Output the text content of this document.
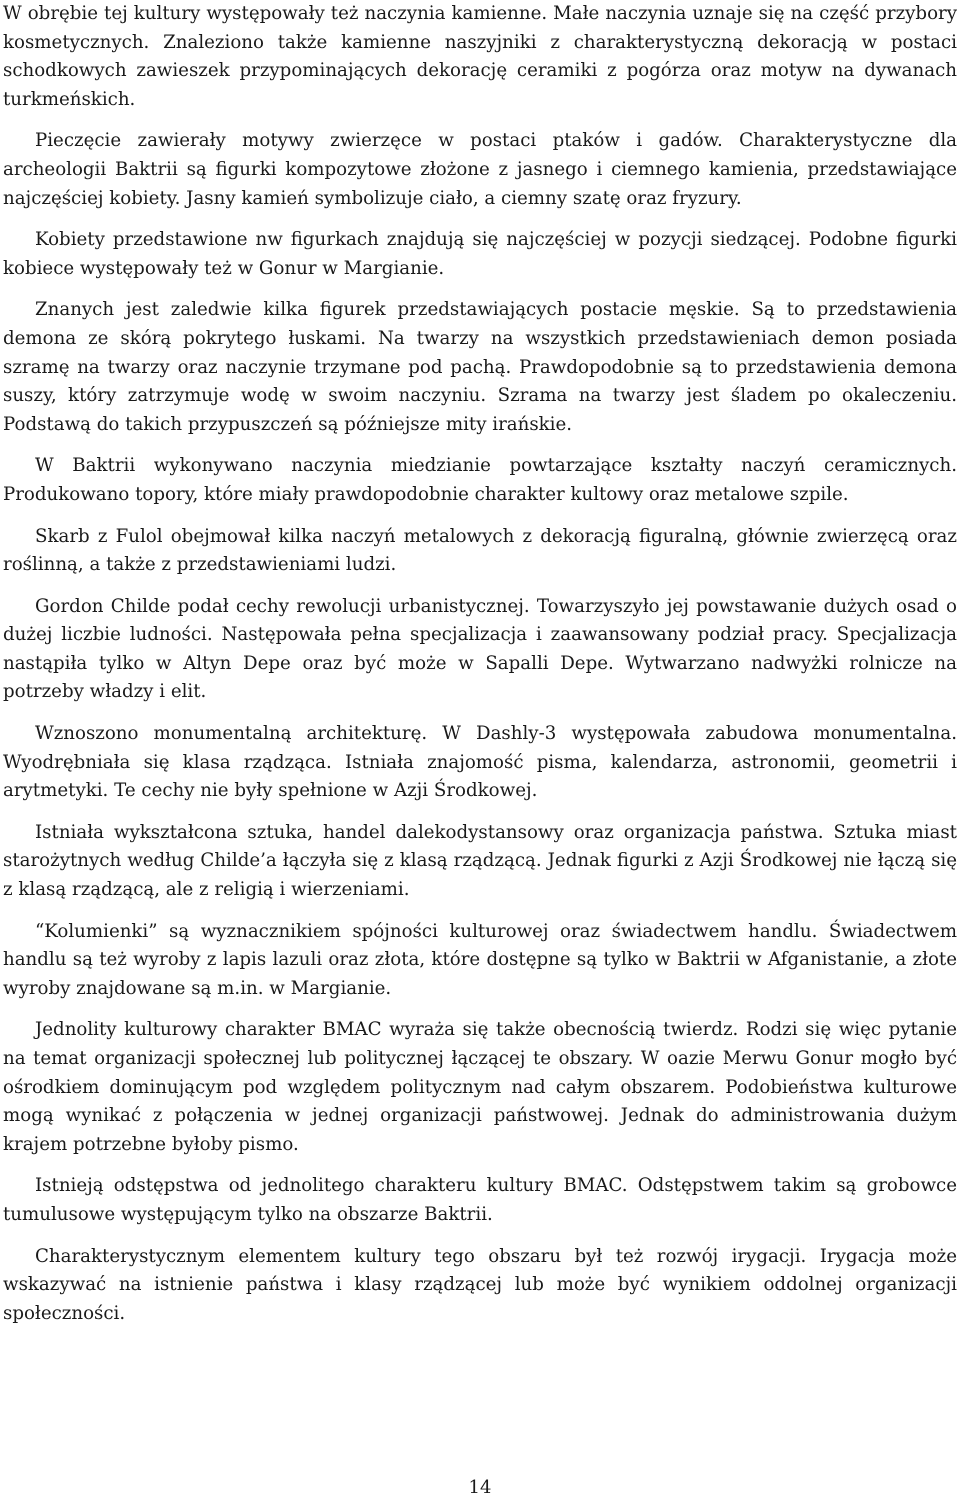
W obrębie tej kultury występowały też naczynia kamienne. Małe naczynia uznaje się na część przybory kosmetycznych. Znaleziono także kamienne naszyjniki z charakterystyczną dekoracją w postaci schodkowych zawieszek przypominających dekorację ceramiki z pogórza oraz motyw na dywanach turkmeńskich.

Pieczęcie zawierały motywy zwierzęce w postaci ptaków i gadów. Charakterystyczne dla archeologii Baktrii są figurki kompozytowe złożone z jasnego i ciemnego kamienia, przedstawiające najczęściej kobiety. Jasny kamień symbolizuje ciało, a ciemny szatę oraz fryzury.

Kobiety przedstawione nw figurkach znajdują się najczęściej w pozycji siedzącej. Podobne figurki kobiece występowały też w Gonur w Margianie.

Znanych jest zaledwie kilka figurek przedstawiających postacie męskie. Są to przedstawienia demona ze skórą pokrytego łuskami. Na twarzy na wszystkich przedstawieniach demon posiada szramę na twarzy oraz naczynie trzymane pod pachą. Prawdopodobnie są to przedstawienia demona suszy, który zatrzymuje wodę w swoim naczyniu. Szrama na twarzy jest śladem po okaleczeniu. Podstawą do takich przypuszczeń są późniejsze mity irańskie.

W Baktrii wykonywano naczynia miedzianie powtarzające kształty naczyń ceramicznych. Produkowano topory, które miały prawdopodobnie charakter kultowy oraz metalowe szpile.

Skarb z Fulol obejmował kilka naczyń metalowych z dekoracją figuralną, głównie zwierzęcą oraz roślinną, a także z przedstawieniami ludzi.

Gordon Childe podał cechy rewolucji urbanistycznej. Towarzyszyło jej powstawanie dużych osad o dużej liczbie ludności. Następowała pełna specjalizacja i zaawansowany podział pracy. Specjalizacja nastąpiła tylko w Altyn Depe oraz być może w Sapalli Depe. Wytwarzano nadwyżki rolnicze na potrzeby władzy i elit.

Wznoszono monumentalną architekturę. W Dashly-3 występowała zabudowa monumentalna. Wyodrębniała się klasa rządząca. Istniała znajomość pisma, kalendarza, astronomii, geometrii i arytmetyki. Te cechy nie były spełnione w Azji Środkowej.

Istniała wykształcona sztuka, handel dalekodystansowy oraz organizacja państwa. Sztuka miast starożytnych według Childe’a łączyła się z klasą rządzącą. Jednak figurki z Azji Środkowej nie łączą się z klasą rządzącą, ale z religią i wierzeniami.

“Kolumienki” są wyznacznikiem spójności kulturowej oraz świadectwem handlu. Świadectwem handlu są też wyroby z lapis lazuli oraz złota, które dostępne są tylko w Baktrii w Afganistanie, a złote wyroby znajdowane są m.in. w Margianie.

Jednolity kulturowy charakter BMAC wyraża się także obecnością twierdz. Rodzi się więc pytanie na temat organizacji społecznej lub politycznej łączącej te obszary. W oazie Merwu Gonur mogło być ośrodkiem dominującym pod względem politycznym nad całym obszarem. Podobieństwa kulturowe mogą wynikać z połączenia w jednej organizacji państwowej. Jednak do administrowania dużym krajem potrzebne byłoby pismo.

Istnieją odstępstwa od jednolitego charakteru kultury BMAC. Odstępstwem takim są grobowce tumulusowe występującym tylko na obszarze Baktrii.

Charakterystycznym elementem kultury tego obszaru był też rozwój irygacji. Irygacja może wskazywać na istnienie państwa i klasy rządzącej lub może być wynikiem oddolnej organizacji społeczności.

14
